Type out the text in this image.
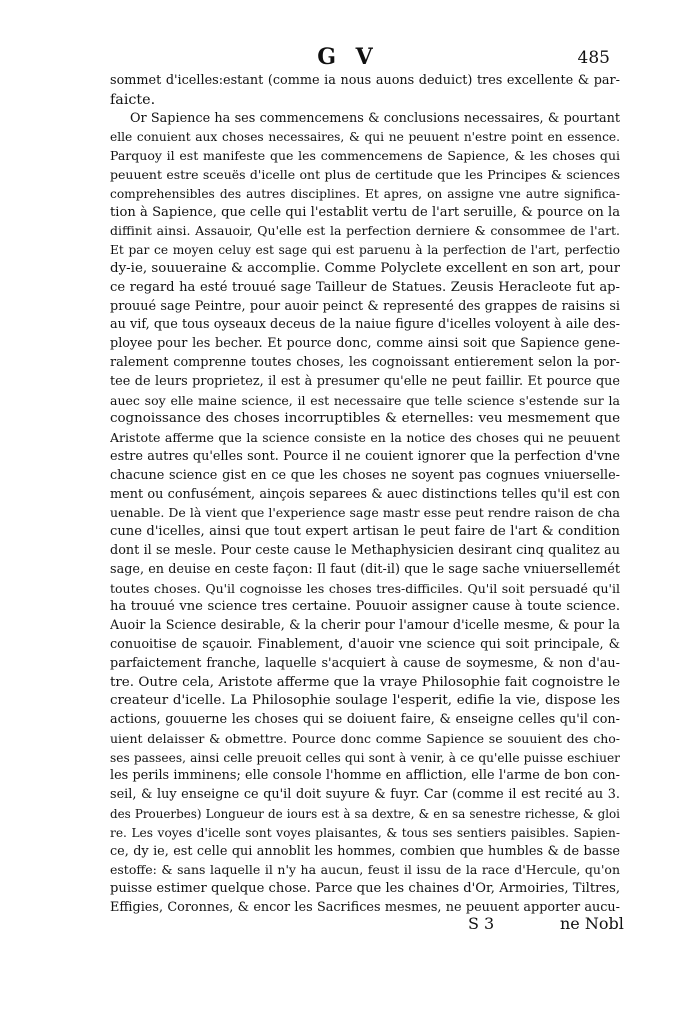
G V	485
sommet d'icelles:estant (comme ia nous auons deduict) tres excellente & par-
faicte.
Or Sapience ha ses commencemens & conclusions necessaires, & pourtant
elle conuient aux choses necessaires, & qui ne peuuent n'estre point en essence.
Parquoy il est manifeste que les commencemens de Sapience, & les choses qui
peuuent estre sceuës d'icelle ont plus de certitude que les Principes & sciences
comprehensibles des autres disciplines. Et apres, on assigne vne autre significa-
tion à Sapience, que celle qui l'establit vertu de l'art seruille, & pource on la
diffinit ainsi. Assauoir, Qu'elle est la perfection derniere & consommee de l'art.
Et par ce moyen celuy est sage qui est paruenu à la perfection de l'art, perfectio
dy-ie, souueraine & accomplie. Comme Polyclete excellent en son art, pour
ce regard ha esté trouué sage Tailleur de Statues. Zeusis Heracleote fut ap-
prouué sage Peintre, pour auoir peinct & representé des grappes de raisins si
au vif, que tous oyseaux deceus de la naiue figure d'icelles voloyent à aile des-
ployee pour les becher. Et pource donc, comme ainsi soit que Sapience gene-
ralement comprenne toutes choses, les cognoissant entierement selon la por-
tee de leurs proprietez, il est à presumer qu'elle ne peut faillir. Et pource que
auec soy elle maine science, il est necessaire que telle science s'estende sur la
cognoissance des choses incorruptibles & eternelles: veu mesmement que
Aristote afferme que la science consiste en la notice des choses qui ne peuuent
estre autres qu'elles sont. Pource il ne couient ignorer que la perfection d'vne
chacune science gist en ce que les choses ne soyent pas cognues vniuerselle-
ment ou confusément, ainçois separees & auec distinctions telles qu'il est con
uenable. De là vient que l'experience sage mastr esse peut rendre raison de cha
cune d'icelles, ainsi que tout expert artisan le peut faire de l'art & condition
dont il se mesle. Pour ceste cause le Methaphysicien desirant cinq qualitez au
sage, en deuise en ceste façon: Il faut (dit-il) que le sage sache vniuersellemét
toutes choses. Qu'il cognoisse les choses tres-difficiles. Qu'il soit persuadé qu'il
ha trouué vne science tres certaine. Pouuoir assigner cause à toute science.
Auoir la Science desirable, & la cherir pour l'amour d'icelle mesme, & pour la
conuoitise de sçauoir. Finablement, d'auoir vne science qui soit principale, &
parfaictement franche, laquelle s'acquiert à cause de soymesme, & non d'au-
tre. Outre cela, Aristote afferme que la vraye Philosophie fait cognoistre le
createur d'icelle. La Philosophie soulage l'esperit, edifie la vie, dispose les
actions, gouuerne les choses qui se doiuent faire, & enseigne celles qu'il con-
uient delaisser & obmettre. Pource donc comme Sapience se souuient des cho-
ses passees, ainsi celle preuoit celles qui sont à venir, à ce qu'elle puisse eschiuer
les perils imminens; elle console l'homme en affliction, elle l'arme de bon con-
seil, & luy enseigne ce qu'il doit suyure & fuyr. Car (comme il est recité au 3.
des Prouerbes) Longueur de iours est à sa dextre, & en sa senestre richesse, & gloi
re. Les voyes d'icelle sont voyes plaisantes, & tous ses sentiers paisibles. Sapien-
ce, dy ie, est celle qui annoblit les hommes, combien que humbles & de basse
estoffe: & sans laquelle il n'y ha aucun, feust il issu de la race d'Hercule, qu'on
puisse estimer quelque chose. Parce que les chaines d'Or, Armoiries, Tiltres,
Effigies, Coronnes, & encor les Sacrifices mesmes, ne peuuent apporter aucu-
S 3	ne Nobl
